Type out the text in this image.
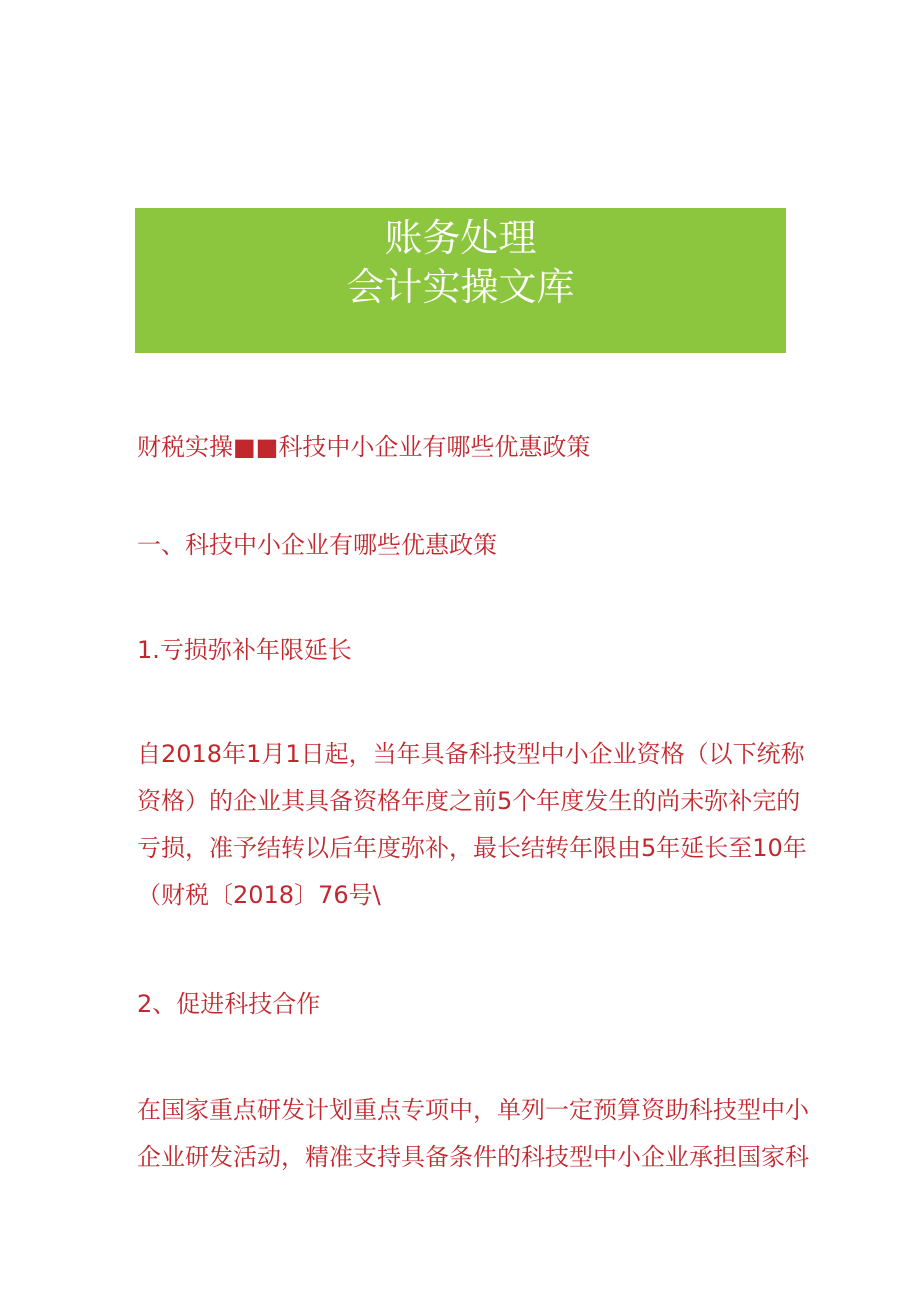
账务处理
会计实操文库
财税实操■■科技中小企业有哪些优惠政策
一、科技中小企业有哪些优惠政策
1.亏损弥补年限延长
自2018年1月1日起，当年具备科技型中小企业资格（以下统称
资格）的企业其具备资格年度之前5个年度发生的尚未弥补完的
亏损，准予结转以后年度弥补，最长结转年限由5年延长至10年
（财税〔2018〕76号\
2、促进科技合作
在国家重点研发计划重点专项中，单列一定预算资助科技型中小
企业研发活动，精准支持具备条件的科技型中小企业承担国家科
